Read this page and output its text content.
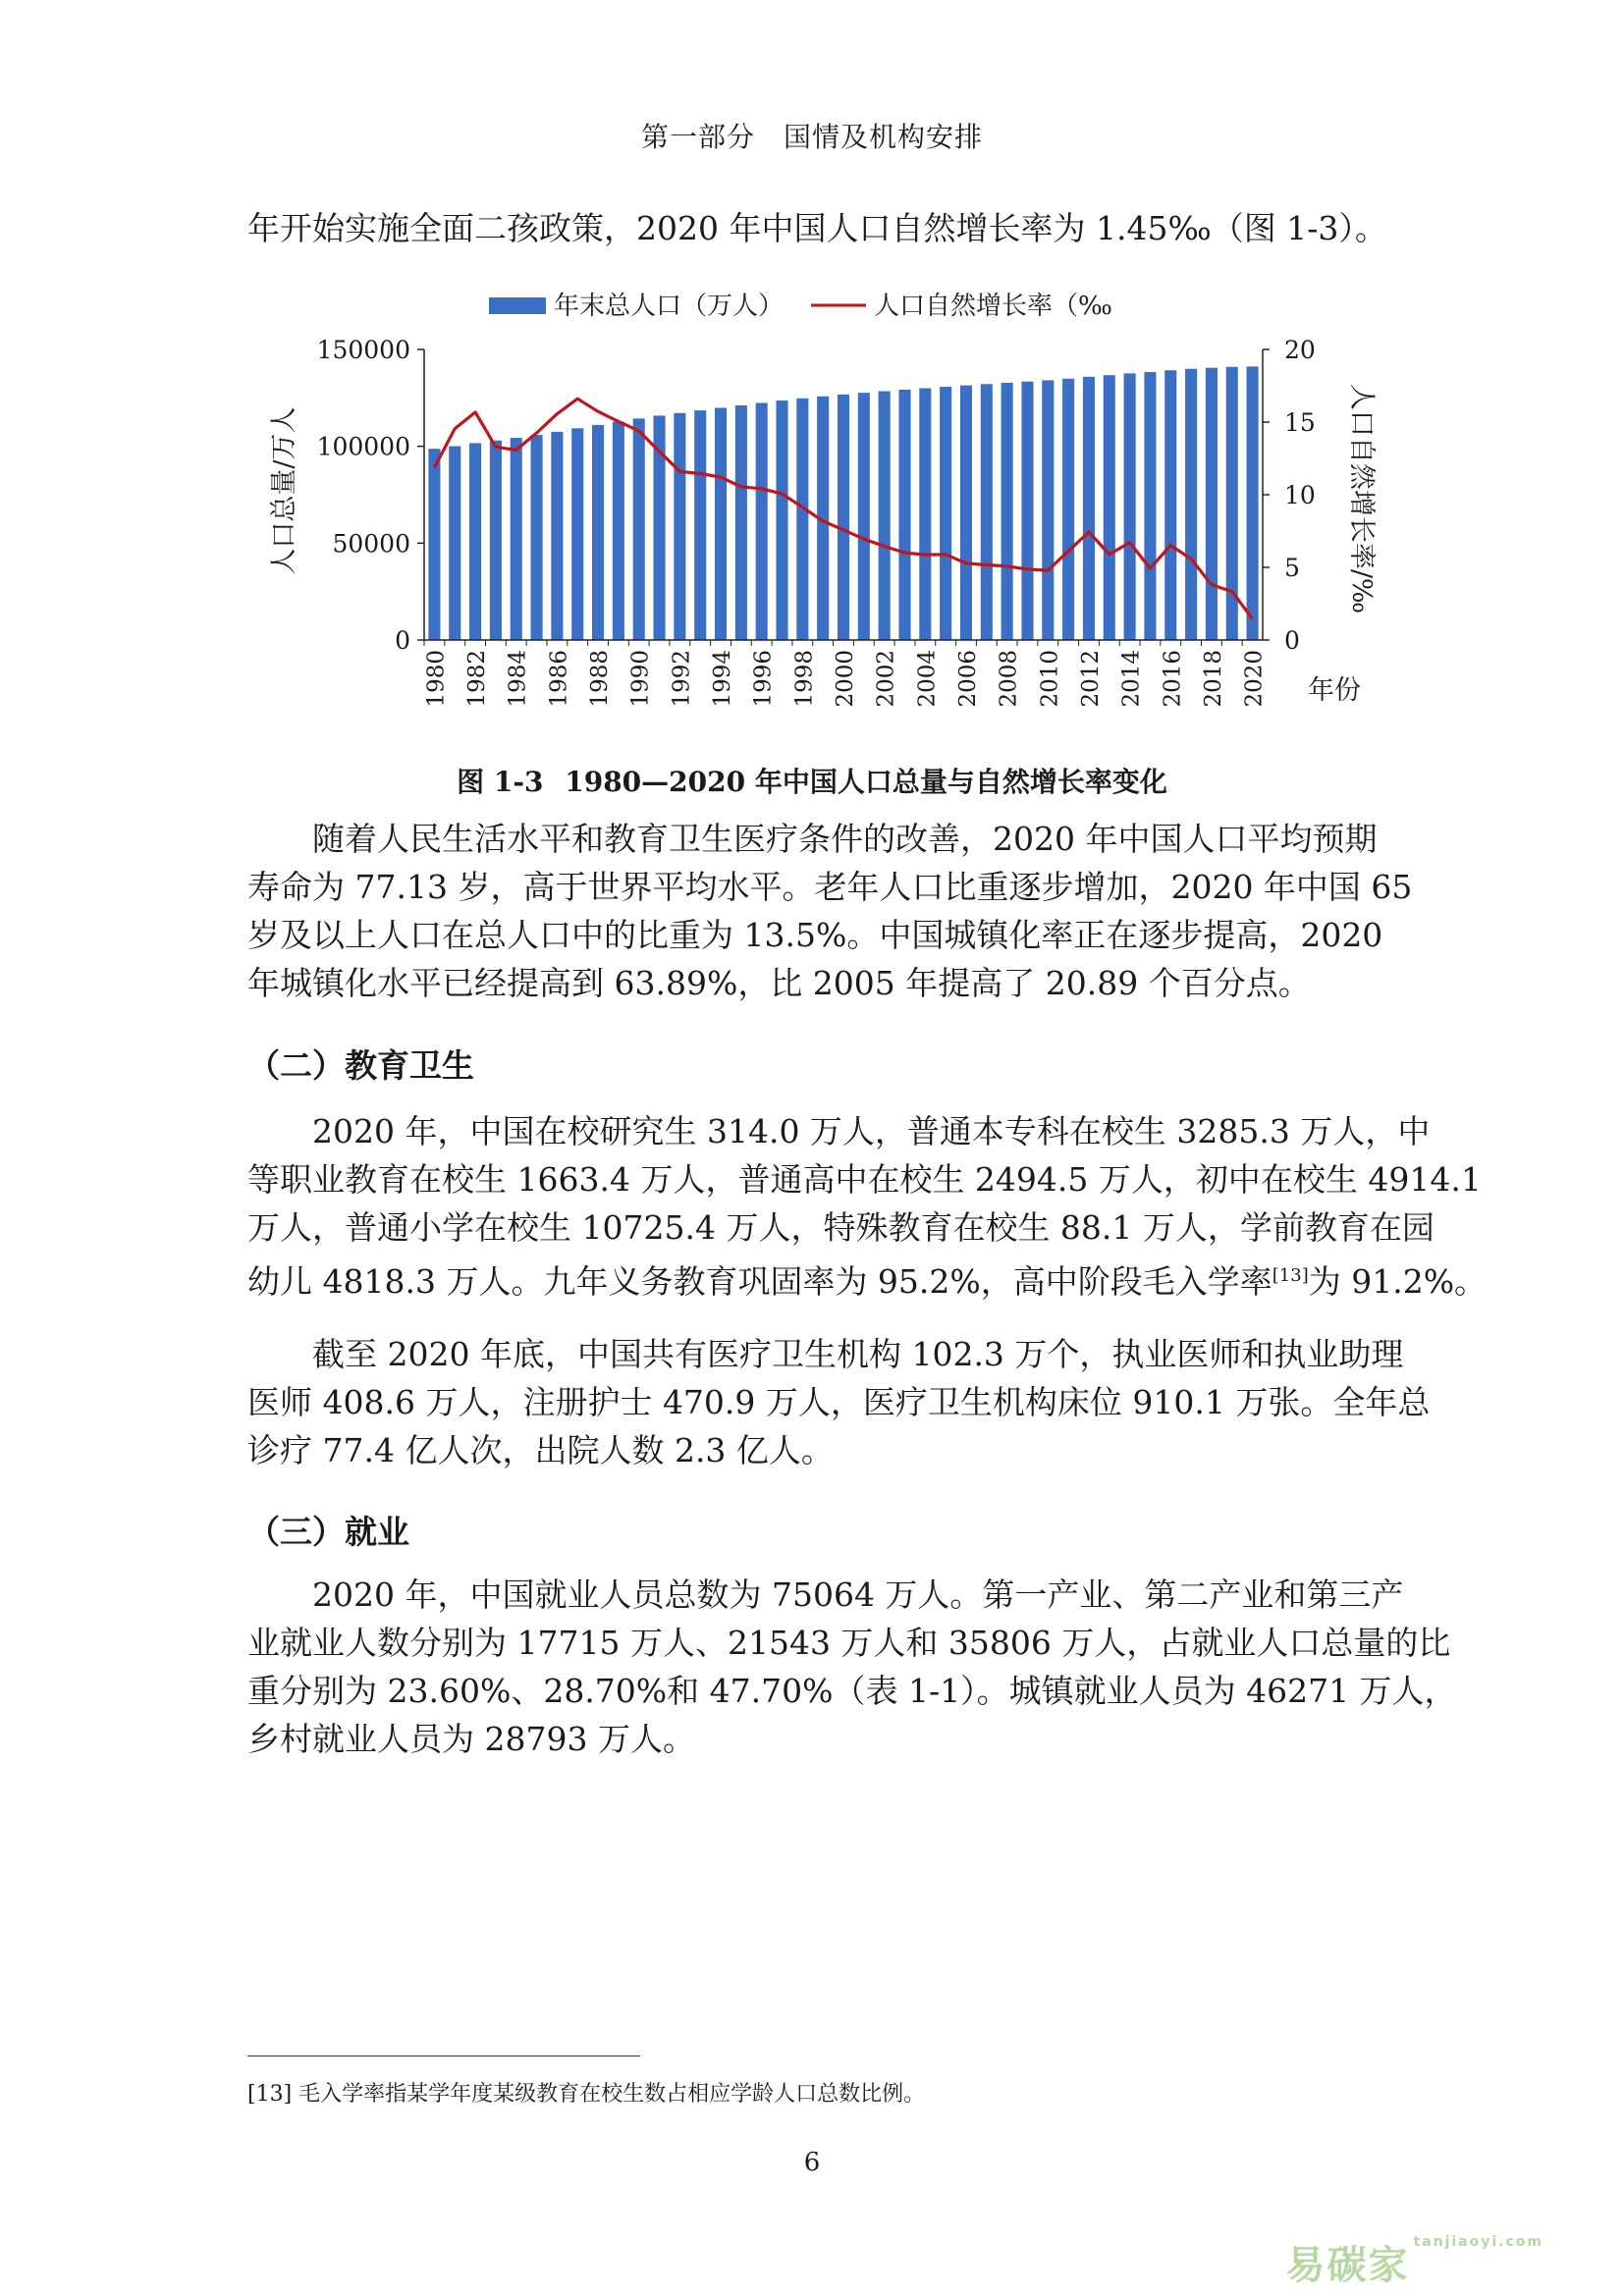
第一部分　国情及机构安排
年开始实施全面二孩政策，2020 年中国人口自然增长率为 1.45‰（图 1-3）。
年末总人口（万人）	人口自然增长率（‰
0
50000
100000
150000
0
5
10
15
20
1980 1982 1984 1986 1988 1990 1992 1994 1996 1998 2000 2002 2004 2006 2008 2010 2012 2014 2016 2018 2020
人口总量/万人	人口自然增长率/‰
年份
图 1-3 1980—2020 年中国人口总量与自然增长率变化
随着人民生活水平和教育卫生医疗条件的改善，2020 年中国人口平均预期
寿命为 77.13 岁，高于世界平均水平。老年人口比重逐步增加，2020 年中国 65
岁及以上人口在总人口中的比重为 13.5%。中国城镇化率正在逐步提高，2020
年城镇化水平已经提高到 63.89%，比 2005 年提高了 20.89 个百分点。
（二）教育卫生
2020 年，中国在校研究生 314.0 万人，普通本专科在校生 3285.3 万人，中
等职业教育在校生 1663.4 万人，普通高中在校生 2494.5 万人，初中在校生 4914.1
万人，普通小学在校生 10725.4 万人，特殊教育在校生 88.1 万人，学前教育在园
幼儿 4818.3 万人。九年义务教育巩固率为 95.2%，高中阶段毛入学率[13]为 91.2%。
截至 2020 年底，中国共有医疗卫生机构 102.3 万个，执业医师和执业助理
医师 408.6 万人，注册护士 470.9 万人，医疗卫生机构床位 910.1 万张。全年总
诊疗 77.4 亿人次，出院人数 2.3 亿人。
（三）就业
2020 年，中国就业人员总数为 75064 万人。第一产业、第二产业和第三产
业就业人数分别为 17715 万人、21543 万人和 35806 万人，占就业人口总量的比
重分别为 23.60%、28.70%和 47.70%（表 1-1）。城镇就业人员为 46271 万人，
乡村就业人员为 28793 万人。
[13] 毛入学率指某学年度某级教育在校生数占相应学龄人口总数比例。
6
易碳家$^{tanjiaoyi.com}$
